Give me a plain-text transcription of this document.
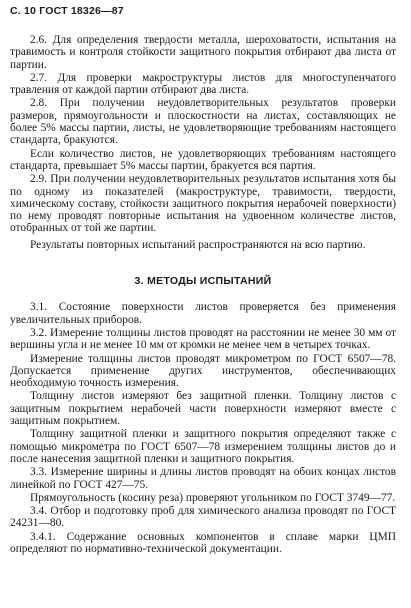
С. 10 ГОСТ 18326—87

2.6. Для определения твердости металла, шероховатости, испытания на травимость и контроля стойкости защитного покрытия отбирают два листа от партии.

2.7. Для проверки макроструктуры листов для многоступенчатого травления от каждой партии отбирают два листа.

2.8. При получении неудовлетворительных результатов проверки размеров, прямоугольности и плоскостности на листах, составляющих не более 5% массы партии, листы, не удовлетворяющие требованиям настоящего стандарта, бракуются.

Если количество листов, не удовлетворяющих требованиям настоящего стандарта, превышает 5% массы партии, бракуется вся партия.

2.9. При получении неудовлетворительных результатов испытания хотя бы по одному из показателей (макроструктуре, травимости, твердости, химическому составу, стойкости защитного покрытия нерабочей поверхности) по нему проводят повторные испытания на удвоенном количестве листов, отобранных от той же партии.

Результаты повторных испытаний распространяются на всю партию.

3. МЕТОДЫ ИСПЫТАНИЙ

3.1. Состояние поверхности листов проверяется без применения увеличительных приборов.

3.2. Измерение толщины листов проводят на расстоянии не менее 30 мм от вершины угла и не менее 10 мм от кромки не менее чем в четырех точках.

Измерение толщины листов проводят микрометром по ГОСТ 6507—78. Допускается применение других инструментов, обеспечивающих необходимую точность измерения.

Толщину листов измеряют без защитной пленки. Толщину листов с защитным покрытием нерабочей части поверхности измеряют вместе с защитным покрытием.

Толщину защитной пленки и защитного покрытия определяют также с помощью микрометра по ГОСТ 6507—78 измерением толщины листов до и после нанесения защитной пленки и защитного покрытия.

3.3. Измерение ширины и длины листов проводят на обоих концах листов линейкой по ГОСТ 427—75.

Прямоугольность (косину реза) проверяют угольником по ГОСТ 3749—77.

3.4. Отбор и подготовку проб для химического анализа проводят по ГОСТ 24231—80.

3.4.1. Содержание основных компонентов в сплаве марки ЦМП определяют по нормативно-технической документации.
